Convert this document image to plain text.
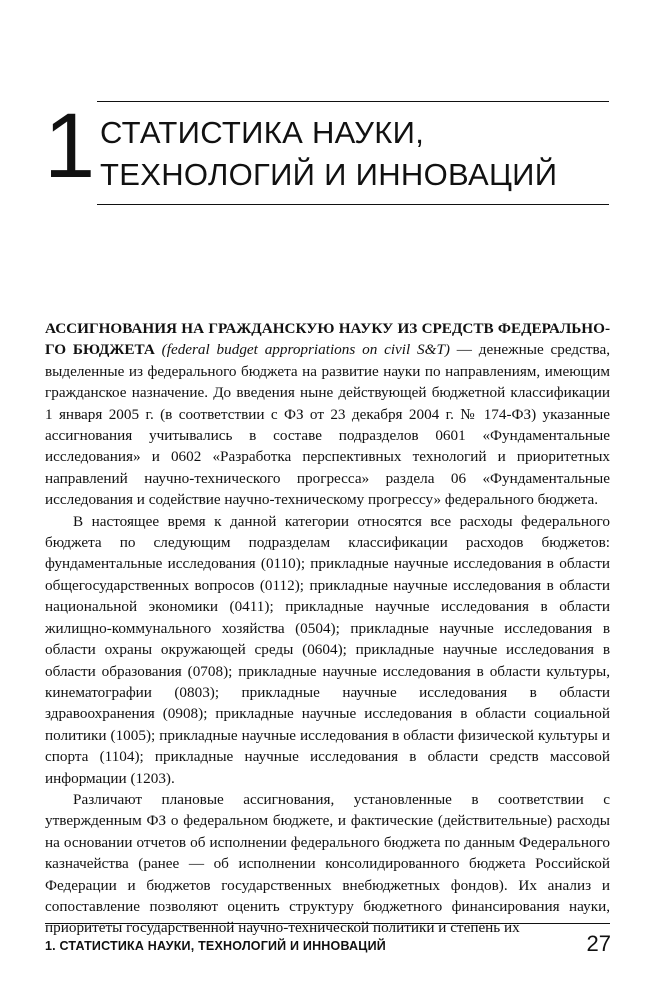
1 СТАТИСТИКА НАУКИ,
ТЕХНОЛОГИЙ И ИННОВАЦИЙ

АССИГНОВАНИЯ НА ГРАЖДАНСКУЮ НАУКУ ИЗ СРЕДСТВ ФЕДЕРАЛЬНОГО БЮДЖЕТА (federal budget appropriations on civil S&T) — денежные средства, выделенные из федерального бюджета на развитие науки по направлениям, имеющим гражданское назначение. До введения ныне действующей бюджетной классификации 1 января 2005 г. (в соответствии с ФЗ от 23 декабря 2004 г. № 174-ФЗ) указанные ассигнования учитывались в составе подразделов 0601 «Фундаментальные исследования» и 0602 «Разработка перспективных технологий и приоритетных направлений научно-технического прогресса» раздела 06 «Фундаментальные исследования и содействие научно-техническому прогрессу» федерального бюджета.

В настоящее время к данной категории относятся все расходы федерального бюджета по следующим подразделам классификации расходов бюджетов: фундаментальные исследования (0110); прикладные научные исследования в области общегосударственных вопросов (0112); прикладные научные исследования в области национальной экономики (0411); прикладные научные исследования в области жилищно-коммунального хозяйства (0504); прикладные научные исследования в области охраны окружающей среды (0604); прикладные научные исследования в области образования (0708); прикладные научные исследования в области культуры, кинематографии (0803); прикладные научные исследования в области здравоохранения (0908); прикладные научные исследования в области социальной политики (1005); прикладные научные исследования в области физической культуры и спорта (1104); прикладные научные исследования в области средств массовой информации (1203).

Различают плановые ассигнования, установленные в соответствии с утвержденным ФЗ о федеральном бюджете, и фактические (действительные) расходы на основании отчетов об исполнении федерального бюджета по данным Федерального казначейства (ранее — об исполнении консолидированного бюджета Российской Федерации и бюджетов государственных внебюджетных фондов). Их анализ и сопоставление позволяют оценить структуру бюджетного финансирования науки, приоритеты государственной научно-технической политики и степень их

1. СТАТИСТИКА НАУКИ, ТЕХНОЛОГИЙ И ИННОВАЦИЙ	27
